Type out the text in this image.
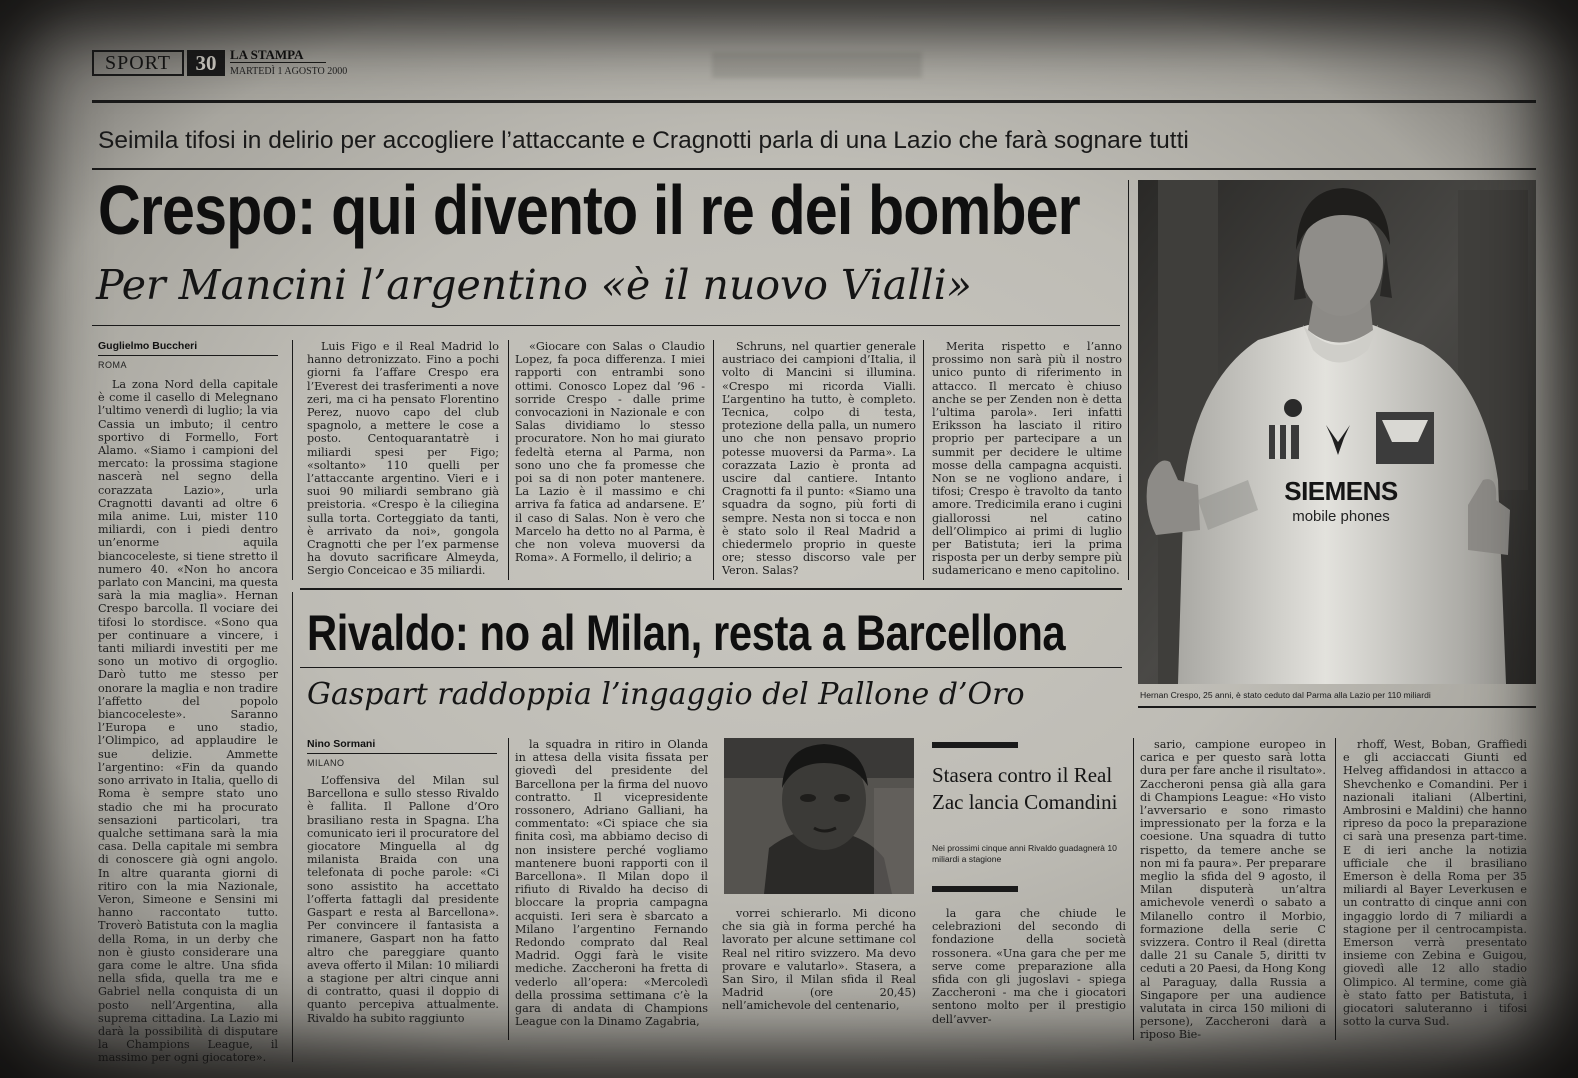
SPORT	30	LA STAMPA
MARTEDÌ 1 AGOSTO 2000
Seimila tifosi in delirio per accogliere l’attaccante e Cragnotti parla di una Lazio che farà sognare tutti
Crespo: qui divento il re dei bomber
Per Mancini l’argentino «è il nuovo Vialli»
Guglielmo Buccheri
ROMA

La zona Nord della capitale è come il casello di Melegnano l’ultimo venerdì di luglio; la via Cassia un imbuto; il centro sportivo di Formello, Fort Alamo. «Siamo i campioni del mercato: la prossima stagione nascerà nel segno della corazzata Lazio», urla Cragnotti davanti ad oltre 6 mila anime. Lui, mister 110 miliardi, con i piedi dentro un’enorme aquila biancoceleste, si tiene stretto il numero 40. «Non ho ancora parlato con Mancini, ma questa sarà la mia maglia». Hernan Crespo barcolla. Il vociare dei tifosi lo stordisce. «Sono qua per continuare a vincere, i tanti miliardi investiti per me sono un motivo di orgoglio. Darò tutto me stesso per onorare la maglia e non tradire l’affetto del popolo biancoceleste». Saranno l’Europa e uno stadio, l’Olimpico, ad applaudire le sue delizie. Ammette l’argentino: «Fin da quando sono arrivato in Italia, quello di Roma è sempre stato uno stadio che mi ha procurato sensazioni particolari, tra qualche settimana sarà la mia casa. Della capitale mi sembra di conoscere già ogni angolo. In altre quaranta giorni di ritiro con la mia Nazionale, Veron, Simeone e Sensini mi hanno raccontato tutto. Troverò Batistuta con la maglia della Roma, in un derby che non è giusto considerare una gara come le altre. Una sfida nella sfida, quella tra me e Gabriel nella conquista di un posto nell’Argentina, alla suprema cittadina. La Lazio mi darà la possibilità di disputare la Champions League, il massimo per ogni giocatore».

Luis Figo e il Real Madrid lo hanno detronizzato. Fino a pochi giorni fa l’affare Crespo era l’Everest dei trasferimenti a nove zeri, ma ci ha pensato Florentino Perez, nuovo capo del club spagnolo, a mettere le cose a posto. Centoquarantatrè i miliardi spesi per Figo; «soltanto» 110 quelli per l’attaccante argentino. Vieri e i suoi 90 miliardi sembrano già preistoria. «Crespo è la ciliegina sulla torta. Corteggiato da tanti, è arrivato da noi», gongola Cragnotti che per l’ex parmense ha dovuto sacrificare Almeyda, Sergio Conceicao e 35 miliardi.

«Giocare con Salas o Claudio Lopez, fa poca differenza. I miei rapporti con entrambi sono ottimi. Conosco Lopez dal ’96 - sorride Crespo - dalle prime convocazioni in Nazionale e con Salas dividiamo lo stesso procuratore. Non ho mai giurato fedeltà eterna al Parma, non sono uno che fa promesse che poi sa di non poter mantenere. La Lazio è il massimo e chi arriva fa fatica ad andarsene. E’ il caso di Salas. Non è vero che Marcelo ha detto no al Parma, è che non voleva muoversi da Roma». A Formello, il delirio; a

Schruns, nel quartier generale austriaco dei campioni d’Italia, il volto di Mancini si illumina. «Crespo mi ricorda Vialli. L’argentino ha tutto, è completo. Tecnica, colpo di testa, protezione della palla, un numero uno che non pensavo proprio potesse muoversi da Parma». La corazzata Lazio è pronta ad uscire dal cantiere. Intanto Cragnotti fa il punto: «Siamo una squadra da sogno, più forti di sempre. Nesta non si tocca e non è stato solo il Real Madrid a chiedermelo proprio in queste ore; stesso discorso vale per Veron. Salas?

Merita rispetto e l’anno prossimo non sarà più il nostro unico punto di riferimento in attacco. Il mercato è chiuso anche se per Zenden non è detta l’ultima parola». Ieri infatti Eriksson ha lasciato il ritiro proprio per partecipare a un summit per decidere le ultime mosse della campagna acquisti. Non se ne vogliono andare, i tifosi; Crespo è travolto da tanto amore. Tredicimila erano i cugini giallorossi nel catino dell’Olimpico ai primi di luglio per Batistuta; ieri la prima risposta per un derby sempre più sudamericano e meno capitolino.

SIEMENS
mobile phones
Hernan Crespo, 25 anni, è stato ceduto dal Parma alla Lazio per 110 miliardi
Rivaldo: no al Milan, resta a Barcellona
Gaspart raddoppia l’ingaggio del Pallone d’Oro
Nino Sormani
MILANO

L’offensiva del Milan sul Barcellona e sullo stesso Rivaldo è fallita. Il Pallone d’Oro brasiliano resta in Spagna. L’ha comunicato ieri il procuratore del giocatore Minguella al dg milanista Braida con una telefonata di poche parole: «Ci sono assistito ha accettato l’offerta fattagli dal presidente Gaspart e resta al Barcellona». Per convincere il fantasista a rimanere, Gaspart non ha fatto altro che pareggiare quanto aveva offerto il Milan: 10 miliardi a stagione per altri cinque anni di contratto, quasi il doppio di quanto percepiva attualmente. Rivaldo ha subito raggiunto

la squadra in ritiro in Olanda in attesa della visita fissata per giovedì del presidente del Barcellona per la firma del nuovo contratto. Il vicepresidente rossonero, Adriano Galliani, ha commentato: «Ci spiace che sia finita così, ma abbiamo deciso di non insistere perché vogliamo mantenere buoni rapporti con il Barcellona». Il Milan dopo il rifiuto di Rivaldo ha deciso di bloccare la propria campagna acquisti. Ieri sera è sbarcato a Milano l’argentino Fernando Redondo comprato dal Real Madrid. Oggi farà le visite mediche. Zaccheroni ha fretta di vederlo all’opera: «Mercoledì della prossima settimana c’è la gara di andata di Champions League con la Dinamo Zagabria,

vorrei schierarlo. Mi dicono che sia già in forma perché ha lavorato per alcune settimane col Real nel ritiro svizzero. Ma devo provare e valutarlo». Stasera, a San Siro, il Milan sfida il Real Madrid (ore 20,45) nell’amichevole del centenario,

la gara che chiude le celebrazioni del secondo di fondazione della società rossonera. «Una gara che per me serve come preparazione alla sfida con gli jugoslavi - spiega Zaccheroni - ma che i giocatori sentono molto per il prestigio dell’avver-

sario, campione europeo in carica e per questo sarà lotta dura per fare anche il risultato». Zaccheroni pensa già alla gara di Champions League: «Ho visto l’avversario e sono rimasto impressionato per la forza e la coesione. Una squadra di tutto rispetto, da temere anche se non mi fa paura». Per preparare meglio la sfida del 9 agosto, il Milan disputerà un’altra amichevole venerdì o sabato a Milanello contro il Morbio, formazione della serie C svizzera. Contro il Real (diretta dalle 21 su Canale 5, diritti tv ceduti a 20 Paesi, da Hong Kong al Paraguay, dalla Russia a Singapore per una audience valutata in circa 150 milioni di persone), Zaccheroni darà a riposo Bie-

rhoff, West, Boban, Graffiedi e gli acciaccati Giunti ed Helveg affidandosi in attacco a Shevchenko e Comandini. Per i nazionali italiani (Albertini, Ambrosini e Maldini) che hanno ripreso da poco la preparazione ci sarà una presenza part-time. E di ieri anche la notizia ufficiale che il brasiliano Emerson è della Roma per 35 miliardi al Bayer Leverkusen e un contratto di cinque anni con ingaggio lordo di 7 miliardi a stagione per il centrocampista. Emerson verrà presentato insieme con Zebina e Guigou, giovedì alle 12 allo stadio Olimpico. Al termine, come già è stato fatto per Batistuta, i giocatori saluteranno i tifosi sotto la curva Sud.

Stasera contro il Real Zac lancia Comandini
Nei prossimi cinque anni Rivaldo guadagnerà 10 miliardi a stagione
